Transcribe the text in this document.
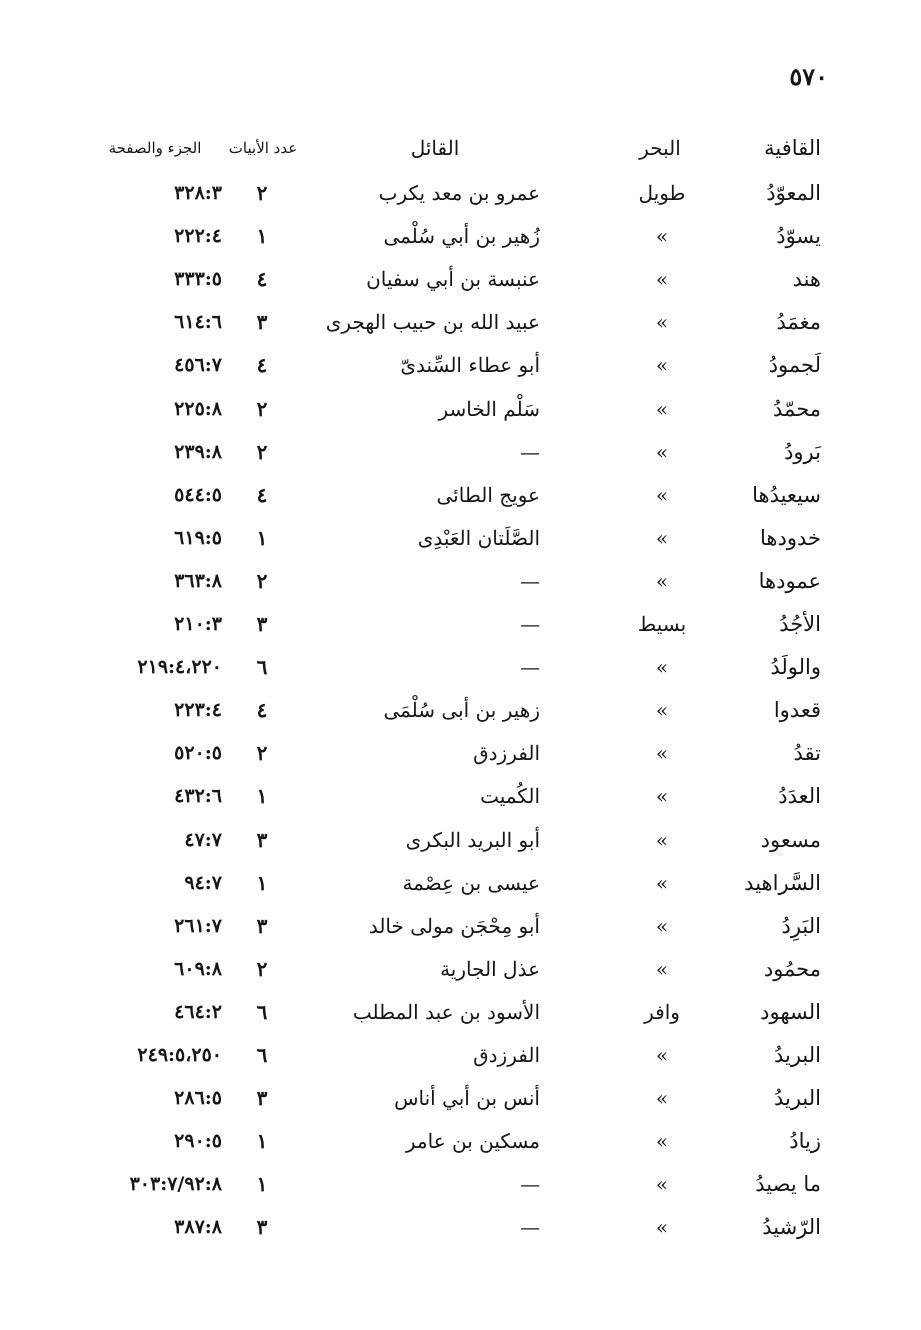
٥٧٠
القافية
البحر
القائل
عدد الأبيات
الجزء والصفحة
المعوّدُ
طويل
عمرو بن معد يكرب
٢
٣٢٨:٣
يسوّدُ
»
زُهير بن أبي سُلْمى
١
٢٢٢:٤
هند
»
عنبسة بن أبي سفيان
٤
٣٣٣:٥
مغمَدُ
»
عبيد الله بن حبيب الهجرى
٣
٦١٤:٦
لَجمودُ
»
أبو عطاء السِّندىّ
٤
٤٥٦:٧
محمّدُ
»
سَلْم الخاسر
٢
٢٢٥:٨
بَرودُ
»
—
٢
٢٣٩:٨
سيعيدُها
»
عويج الطائى
٤
٥٤٤:٥
خدودها
»
الصَّلَتان العَبْدِى
١
٦١٩:٥
عمودها
»
—
٢
٣٦٣:٨
الأجُدُ
بسيط
—
٣
٢١٠:٣
والولَدُ
»
—
٦
٢١٩:٤،٢٢٠
قعدوا
»
زهير بن أبى سُلْمَى
٤
٢٢٣:٤
تقدُ
»
الفرزدق
٢
٥٢٠:٥
العدَدُ
»
الكُميت
١
٤٣٢:٦
مسعود
»
أبو البريد البكرى
٣
٤٧:٧
السَّراهيد
»
عيسى بن عِصْمة
١
٩٤:٧
البَرِدُ
»
أبو مِحْجَن مولى خالد
٣
٢٦١:٧
محمُود
»
عذل الجارية
٢
٦٠٩:٨
السهود
وافر
الأسود بن عبد المطلب
٦
٤٦٤:٢
البريدُ
»
الفرزدق
٦
٢٤٩:٥،٢٥٠
البريدُ
»
أنس بن أبي أناس
٣
٢٨٦:٥
زيادُ
»
مسكين بن عامر
١
٢٩٠:٥
ما يصيدُ
»
—
١
٣٠٣:٧/٩٢:٨
الرّشيدُ
»
—
٣
٣٨٧:٨
